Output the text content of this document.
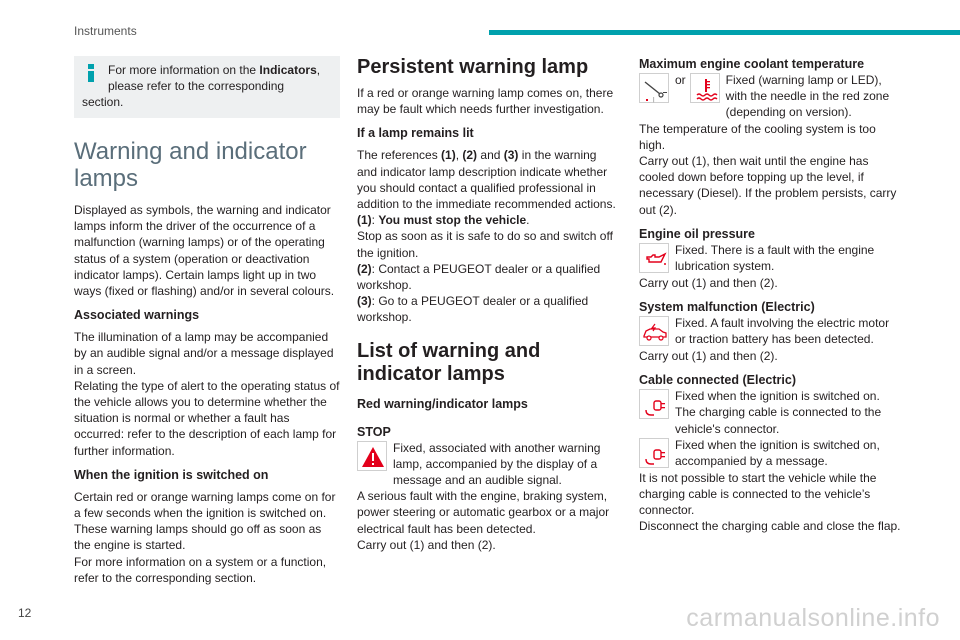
Instruments

For more information on the Indicators, please refer to the corresponding

section.

Warning and indicator lamps

Displayed as symbols, the warning and indicator lamps inform the driver of the occurrence of a malfunction (warning lamps) or of the operating status of a system (operation or deactivation indicator lamps). Certain lamps light up in two ways (fixed or flashing) and/or in several colours.

Associated warnings

The illumination of a lamp may be accompanied by an audible signal and/or a message displayed in a screen.

Relating the type of alert to the operating status of the vehicle allows you to determine whether the situation is normal or whether a fault has occurred: refer to the description of each lamp for further information.

When the ignition is switched on

Certain red or orange warning lamps come on for a few seconds when the ignition is switched on. These warning lamps should go off as soon as the engine is started.

For more information on a system or a function, refer to the corresponding section.

Persistent warning lamp

If a red or orange warning lamp comes on, there may be fault which needs further investigation.

If a lamp remains lit

The references (1), (2) and (3) in the warning and indicator lamp description indicate whether you should contact a qualified professional in addition to the immediate recommended actions.

(1): You must stop the vehicle.

Stop as soon as it is safe to do so and switch off the ignition.

(2): Contact a PEUGEOT dealer or a qualified workshop.

(3): Go to a PEUGEOT dealer or a qualified workshop.

List of warning and indicator lamps
Red warning/indicator lamps
STOP

Fixed, associated with another warning lamp, accompanied by the display of a message and an audible signal.

A serious fault with the engine, braking system, power steering or automatic gearbox or a major electrical fault has been detected.

Carry out (1) and then (2).

Maximum engine coolant temperature
|
or	Fixed (warning lamp or LED), with the needle in the red zone (depending on version).

The temperature of the cooling system is too high.

Carry out (1), then wait until the engine has cooled down before topping up the level, if necessary (Diesel). If the problem persists, carry out (2).

Engine oil pressure

Fixed. There is a fault with the engine lubrication system.

Carry out (1) and then (2).

System malfunction (Electric)

Fixed. A fault involving the electric motor or traction battery has been detected.

Carry out (1) and then (2).

Cable connected (Electric)

Fixed when the ignition is switched on. The charging cable is connected to the vehicle's connector.

Fixed when the ignition is switched on, accompanied by a message.

It is not possible to start the vehicle while the charging cable is connected to the vehicle’s connector.

Disconnect the charging cable and close the flap.

12	carmanualsonline.info
